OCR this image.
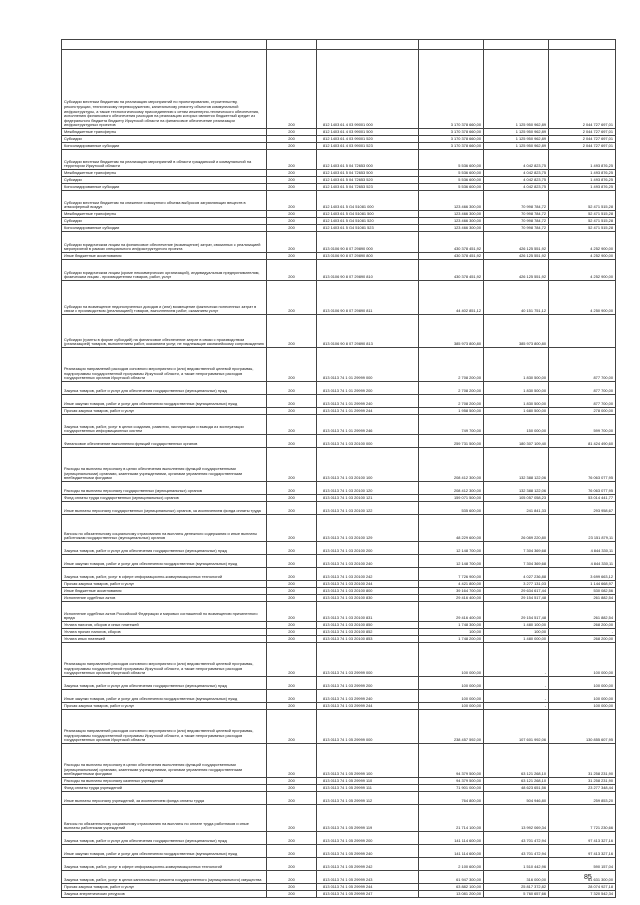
Субсидии местным бюджетам на реализацию мероприятий по проектированию, строительству, реконструкции, техническому перевооружению, капитальному ремонту объектов коммунальной инфраструктуры, а также технологическому присоединению к сетям инженерно-технического обеспечения, исполнению финансового обеспечения расходов на реализацию которых является бюджетный кредит из федерального бюджета бюджету Иркутской области на финансовое обеспечение реализации инфраструктурных проектов	200	812 1403 61 4 03 99001 000	3 170 378 660,00	1 125 950 962,89	2 044 727 697,01
Межбюджетные трансферты	200	812 1403 61 4 03 99001 500	3 170 378 660,00	1 125 950 962,89	2 044 727 697,01
Субсидии	200	812 1403 61 4 03 99001 520	3 170 378 660,00	1 125 950 962,89	2 044 727 697,01
Консолидированные субсидии	200	812 1403 61 4 03 99001 523	3 170 378 660,00	1 125 950 962,89	2 044 727 697,01
Субсидии местным бюджетам на реализацию мероприятий в области гражданской и коммунальной на территории Иркутской области	200	812 1403 61 5 04 72653 000	5 536 600,00	4 042 823,75	1 493 876,25
Межбюджетные трансферты	200	812 1403 61 5 04 72653 500	5 536 600,00	4 042 823,75	1 493 876,25
Субсидии	200	812 1403 61 5 04 72653 520	5 536 600,00	4 042 823,75	1 493 876,25
Консолидированные субсидии	200	812 1403 61 5 04 72653 523	5 536 600,00	4 042 823,75	1 493 876,25
Субсидии местным бюджетам на снижение совокупного объема выбросов загрязняющих веществ в атмосферный воздух	200	812 1403 61 5 G4 51081 000	123 466 300,00	70 998 784,72	52 471 515,28
Межбюджетные трансферты	200	812 1403 61 5 G4 51081 500	123 466 300,00	70 998 784,72	52 471 515,28
Субсидии	200	812 1403 61 5 G4 51081 520	123 466 300,00	70 998 784,72	52 471 515,28
Консолидированные субсидии	200	812 1403 61 5 G4 51081 523	123 466 300,00	70 998 784,72	52 471 515,28
Субсидии юридическим лицам на финансовое обеспечение (возмещение) затрат, связанных с реализацией мероприятий в рамках специального инфраструктурного проекта	200	813 0106 90 8 07 29890 000	430 378 451,92	426 125 551,92	4 252 900,00
Иные бюджетные ассигнования	200	813 0106 90 8 07 29890 800	430 378 451,92	426 125 551,92	4 252 900,00
Субсидии юридическим лицам (кроме некоммерческих организаций), индивидуальным предпринимателям, физическим лицам - производителям товаров, работ, услуг	200	813 0106 90 8 07 29890 810	430 378 451,92	426 125 551,92	4 252 900,00
Субсидии на возмещение недополученных доходов и (или) возмещение фактически понесенных затрат в связи с производством (реализацией) товаров, выполнением работ, оказанием услуг	200	813 0106 90 8 07 29890 811	44 402 851,12	40 151 751,12	4 250 900,00
Субсидии (гранты в форме субсидий) на финансовое обеспечение затрат в связи с производством (реализацией) товаров, выполнением работ, оказанием услуг, не подлежащие казначейскому сопровождению	200	813 0106 90 8 07 29890 813	385 973 800,80	385 973 800,80	
Реализация направлений расходов основного мероприятия и (или) ведомственной целевой программы, подпрограммы государственной программы Иркутской области, а также непрограммных расходов государственных органов Иркутской области	200	813 0113 74 1 01 29999 000	2 708 200,00	1 830 500,00	877 700,00
Закупка товаров, работ и услуг для обеспечения государственных (муниципальных) нужд	200	813 0113 74 1 01 29999 200	2 708 200,00	1 830 500,00	877 700,00
Иные закупки товаров, работ и услуг для обеспечения государственных (муниципальных) нужд	200	813 0113 74 1 01 29999 240	2 708 200,00	1 830 500,00	877 700,00
Прочая закупка товаров, работ и услуг	200	813 0113 74 1 01 29999 244	1 958 500,00	1 680 500,00	278 000,00
Закупка товаров, работ, услуг в целях создания, развития, эксплуатации и вывода из эксплуатации государственных информационных систем	200	813 0113 74 1 01 29999 246	749 700,00	150 000,00	599 700,00
Финансовое обеспечение выполнения функций государственных органов	200	813 0113 74 1 03 20100 000	259 731 500,00	180 307 109,40	81 424 490,60
Расходы на выплаты персоналу в целях обеспечения выполнения функций государственными (муниципальными) органами, казенными учреждениями, органами управления государственными внебюджетными фондами	200	813 0113 74 1 03 20100 100	208 412 300,00	132 388 122,06	76 063 077,95
Расходы на выплаты персоналу государственных (муниципальных) органов	200	813 0113 74 1 03 20100 120	208 412 300,00	132 388 122,06	76 063 077,95
Фонд оплаты труда государственных (муниципальных) органов	200	813 0113 74 1 03 20100 121	159 071 500,00	105 057 058,23	53 014 441,77
Иные выплаты персоналу государственных (муниципальных) органов, за исключением фонда оплаты труда	200	813 0113 74 1 03 20100 122	535 600,00	241 841,33	293 958,67
Взносы по обязательному социальному страхованию на выплаты денежного содержания и иные выплаты работникам государственных (муниципальных) органов	200	813 0113 74 1 03 20100 129	48 229 600,00	26 089 220,80	23 151 879,11
Закупка товаров, работ и услуг для обеспечения государственных (муниципальных) нужд	200	813 0113 74 1 03 20100 200	12 148 700,00	7 304 369,68	4 844 330,11
Иные закупки товаров, работ и услуг для обеспечения государственных (муниципальных) нужд	200	813 0113 74 1 03 20100 240	12 148 700,00	7 304 369,68	4 844 330,11
Закупка товаров, работ, услуг в сфере информационно-коммуникационных технологий	200	813 0113 74 1 03 20100 242	7 726 900,00	4 027 236,88	3 699 663,12
Прочая закупка товаров, работ и услуг	200	813 0113 74 1 03 20100 244	4 421 800,00	3 277 131,03	1 144 668,97
Иные бюджетные ассигнования	200	813 0113 74 1 03 20100 800	39 164 700,00	29 634 617,44	530 082,56
Исполнение судебных актов	200	813 0113 74 1 03 20100 830	29 416 400,00	29 154 517,48	261 882,54
Исполнение судебных актов Российской Федерации и мировых соглашений по возмещению причиненного вреда	200	813 0113 74 1 03 20100 831	29 416 400,00	29 154 517,48	261 882,54
Уплата налогов, сборов и иных платежей	200	813 0113 74 1 03 20100 850	1 748 300,00	1 480 100,00	268 200,00
Уплата прочих налогов, сборов	200	813 0113 74 1 03 20100 852	100,00	100,00	-
Уплата иных платежей	200	813 0113 74 1 03 20100 853	1 748 200,00	1 480 000,00	268 200,00
Реализация направлений расходов основного мероприятия и (или) ведомственной целевой программы, подпрограммы государственной программы Иркутской области, а также непрограммных расходов государственных органов Иркутской области	200	813 0113 74 1 03 29999 000	100 000,00	-	100 000,00
Закупка товаров, работ и услуг для обеспечения государственных (муниципальных) нужд	200	813 0113 74 1 03 29999 200	100 000,00	-	100 000,00
Иные закупки товаров, работ и услуг для обеспечения государственных (муниципальных) нужд	200	813 0113 74 1 03 29999 240	100 000,00	-	100 000,00
Прочая закупка товаров, работ и услуг	200	813 0113 74 1 03 29999 244	100 000,00	-	100 000,00
Реализация направлений расходов основного мероприятия и (или) ведомственной целевой программы, подпрограммы государственной программы Иркутской области, а также непрограммных расходов государственных органов Иркутской области	200	813 0113 74 1 05 29999 000	238 457 592,00	107 601 992,06	130 855 607,95
Расходы на выплаты персоналу в целях обеспечения выполнения функций государственными (муниципальными) органами, казенными учреждениями, органами управления государственными внебюджетными фондами	200	813 0113 74 1 05 29999 100	94 379 500,00	63 121 268,10	31 258 231,90
Расходы на выплаты персоналу казенных учреждений	200	813 0113 74 1 05 29999 110	94 379 500,00	63 121 268,10	31 258 231,90
Фонд оплаты труда учреждений	200	813 0113 74 1 05 29999 111	71 901 000,00	48 623 651,56	23 277 348,44
Иные выплаты персоналу учреждений, за исключением фонда оплаты труда	200	813 0113 74 1 05 29999 112	764 800,00	504 946,80	259 853,20
Взносы по обязательному социальному страхованию на выплаты по оплате труда работников и иные выплаты работникам учреждений	200	813 0113 74 1 05 29999 119	21 714 100,00	13 992 069,34	7 721 230,66
Закупка товаров, работ и услуг для обеспечения государственных (муниципальных) нужд	200	813 0113 74 1 05 29999 200	141 114 600,00	43 701 472,94	97 413 327,16
Иные закупки товаров, работ и услуг для обеспечения государственных (муниципальных) нужд	200	813 0113 74 1 05 29999 240	141 114 600,00	43 701 472,94	97 413 327,16
Закупка товаров, работ, услуг в сфере информационно-коммуникационных технологий	200	813 0113 74 1 05 29999 242	2 100 600,00	1 510 442,96	590 157,04
Закупка товаров, работ, услуг в целях капитального ремонта государственного (муниципального) имущества	200	813 0113 74 1 05 29999 243	61 947 300,00	316 000,00	61 631 300,00
Прочая закупка товаров, работ и услуг	200	813 0113 74 1 05 29999 244	63 882 100,00	25 817 372,82	28 074 927,18
Закупка энергетических ресурсов	200	813 0113 74 1 05 29999 247	13 081 200,00	5 760 657,66	7 320 542,34
85
